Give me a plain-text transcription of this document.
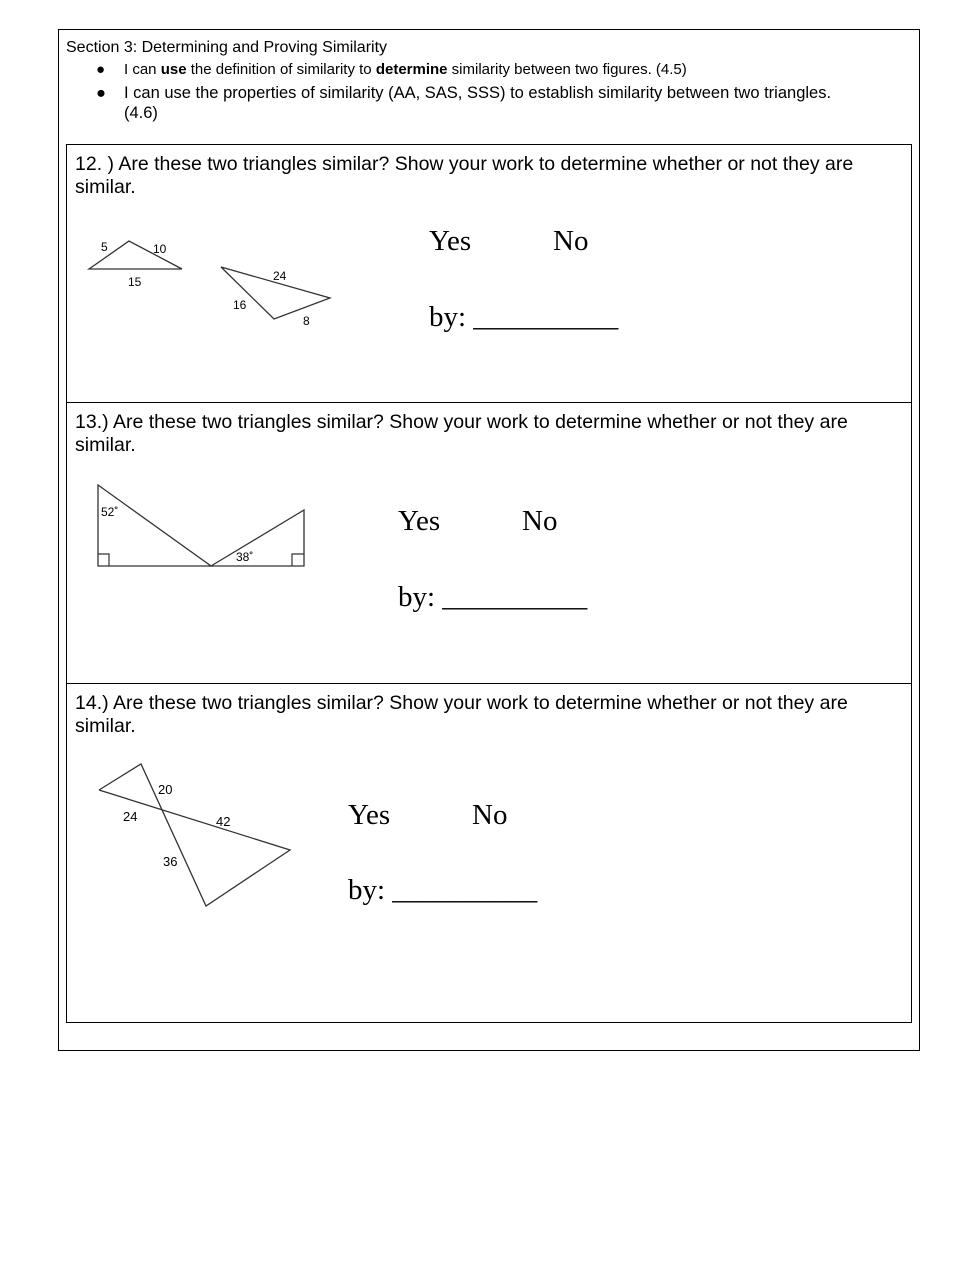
Section 3: Determining and Proving Similarity
● I can use the definition of similarity to determine similarity between two figures. (4.5)
● I can use the properties of similarity (AA, SAS, SSS) to establish similarity between two triangles.
(4.6)
12. ) Are these two triangles similar? Show your work to determine whether or not they are similar.
5	10
15	24
16
8
Yes	No
by: __________
13.) Are these two triangles similar? Show your work to determine whether or not they are similar.
52˚
38˚
Yes	No
by: __________
14.) Are these two triangles similar? Show your work to determine whether or not they are similar.
20
24	42
36
Yes	No
by: __________
